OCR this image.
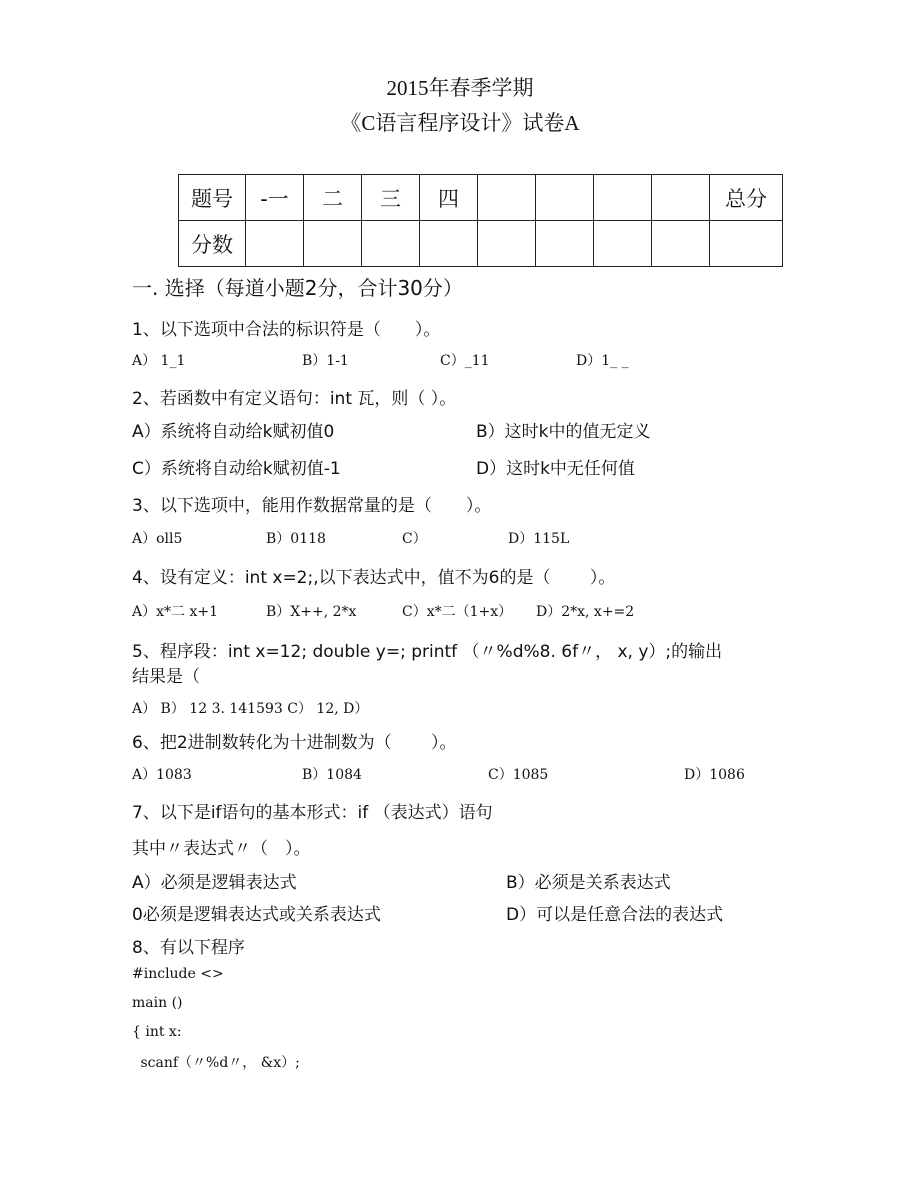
2015年春季学期
《C语言程序设计》试卷A
题号	-⼀	二	三	四					总分
分数									
一. 选择（每道小题2分，合计30分）
1、以下选项中合法的标识符是（　　）。
A） 1_1	B）1-1	C）_11	D）1_ _
2、若函数中有定义语句：int 瓦，则（ ）。
A）系统将自动给k赋初值0	B）这时k中的值无定义
C）系统将自动给k赋初值-1	D）这时k中无任何值
3、以下选项中，能用作数据常量的是（　　）。
A）oll5	B）0118	C）	D）115L
4、设有定义：int x=2;,以下表达式中，值不为6的是（　　 ）。
A）x*二 x+1	B）X++, 2*x	C）x*二（1+x） D）2*x, x+=2
5、程序段：int x=12; double y=; printf （〃%d%8. 6f〃， x, y）;的输出
结果是（
A） B） 12 3. 141593 C） 12, D）
6、把2进制数转化为十进制数为（　　 ）。
A）1083	B）1084	C）1085	D）1086
7、以下是if语句的基本形式：if （表达式）语句
其中〃表达式〃（　）。
A）必须是逻辑表达式	B）必须是关系表达式
0必须是逻辑表达式或关系表达式	D）可以是任意合法的表达式
8、有以下程序
#include <>
main ()
{ int x:
scanf（〃%d〃， &x）;
